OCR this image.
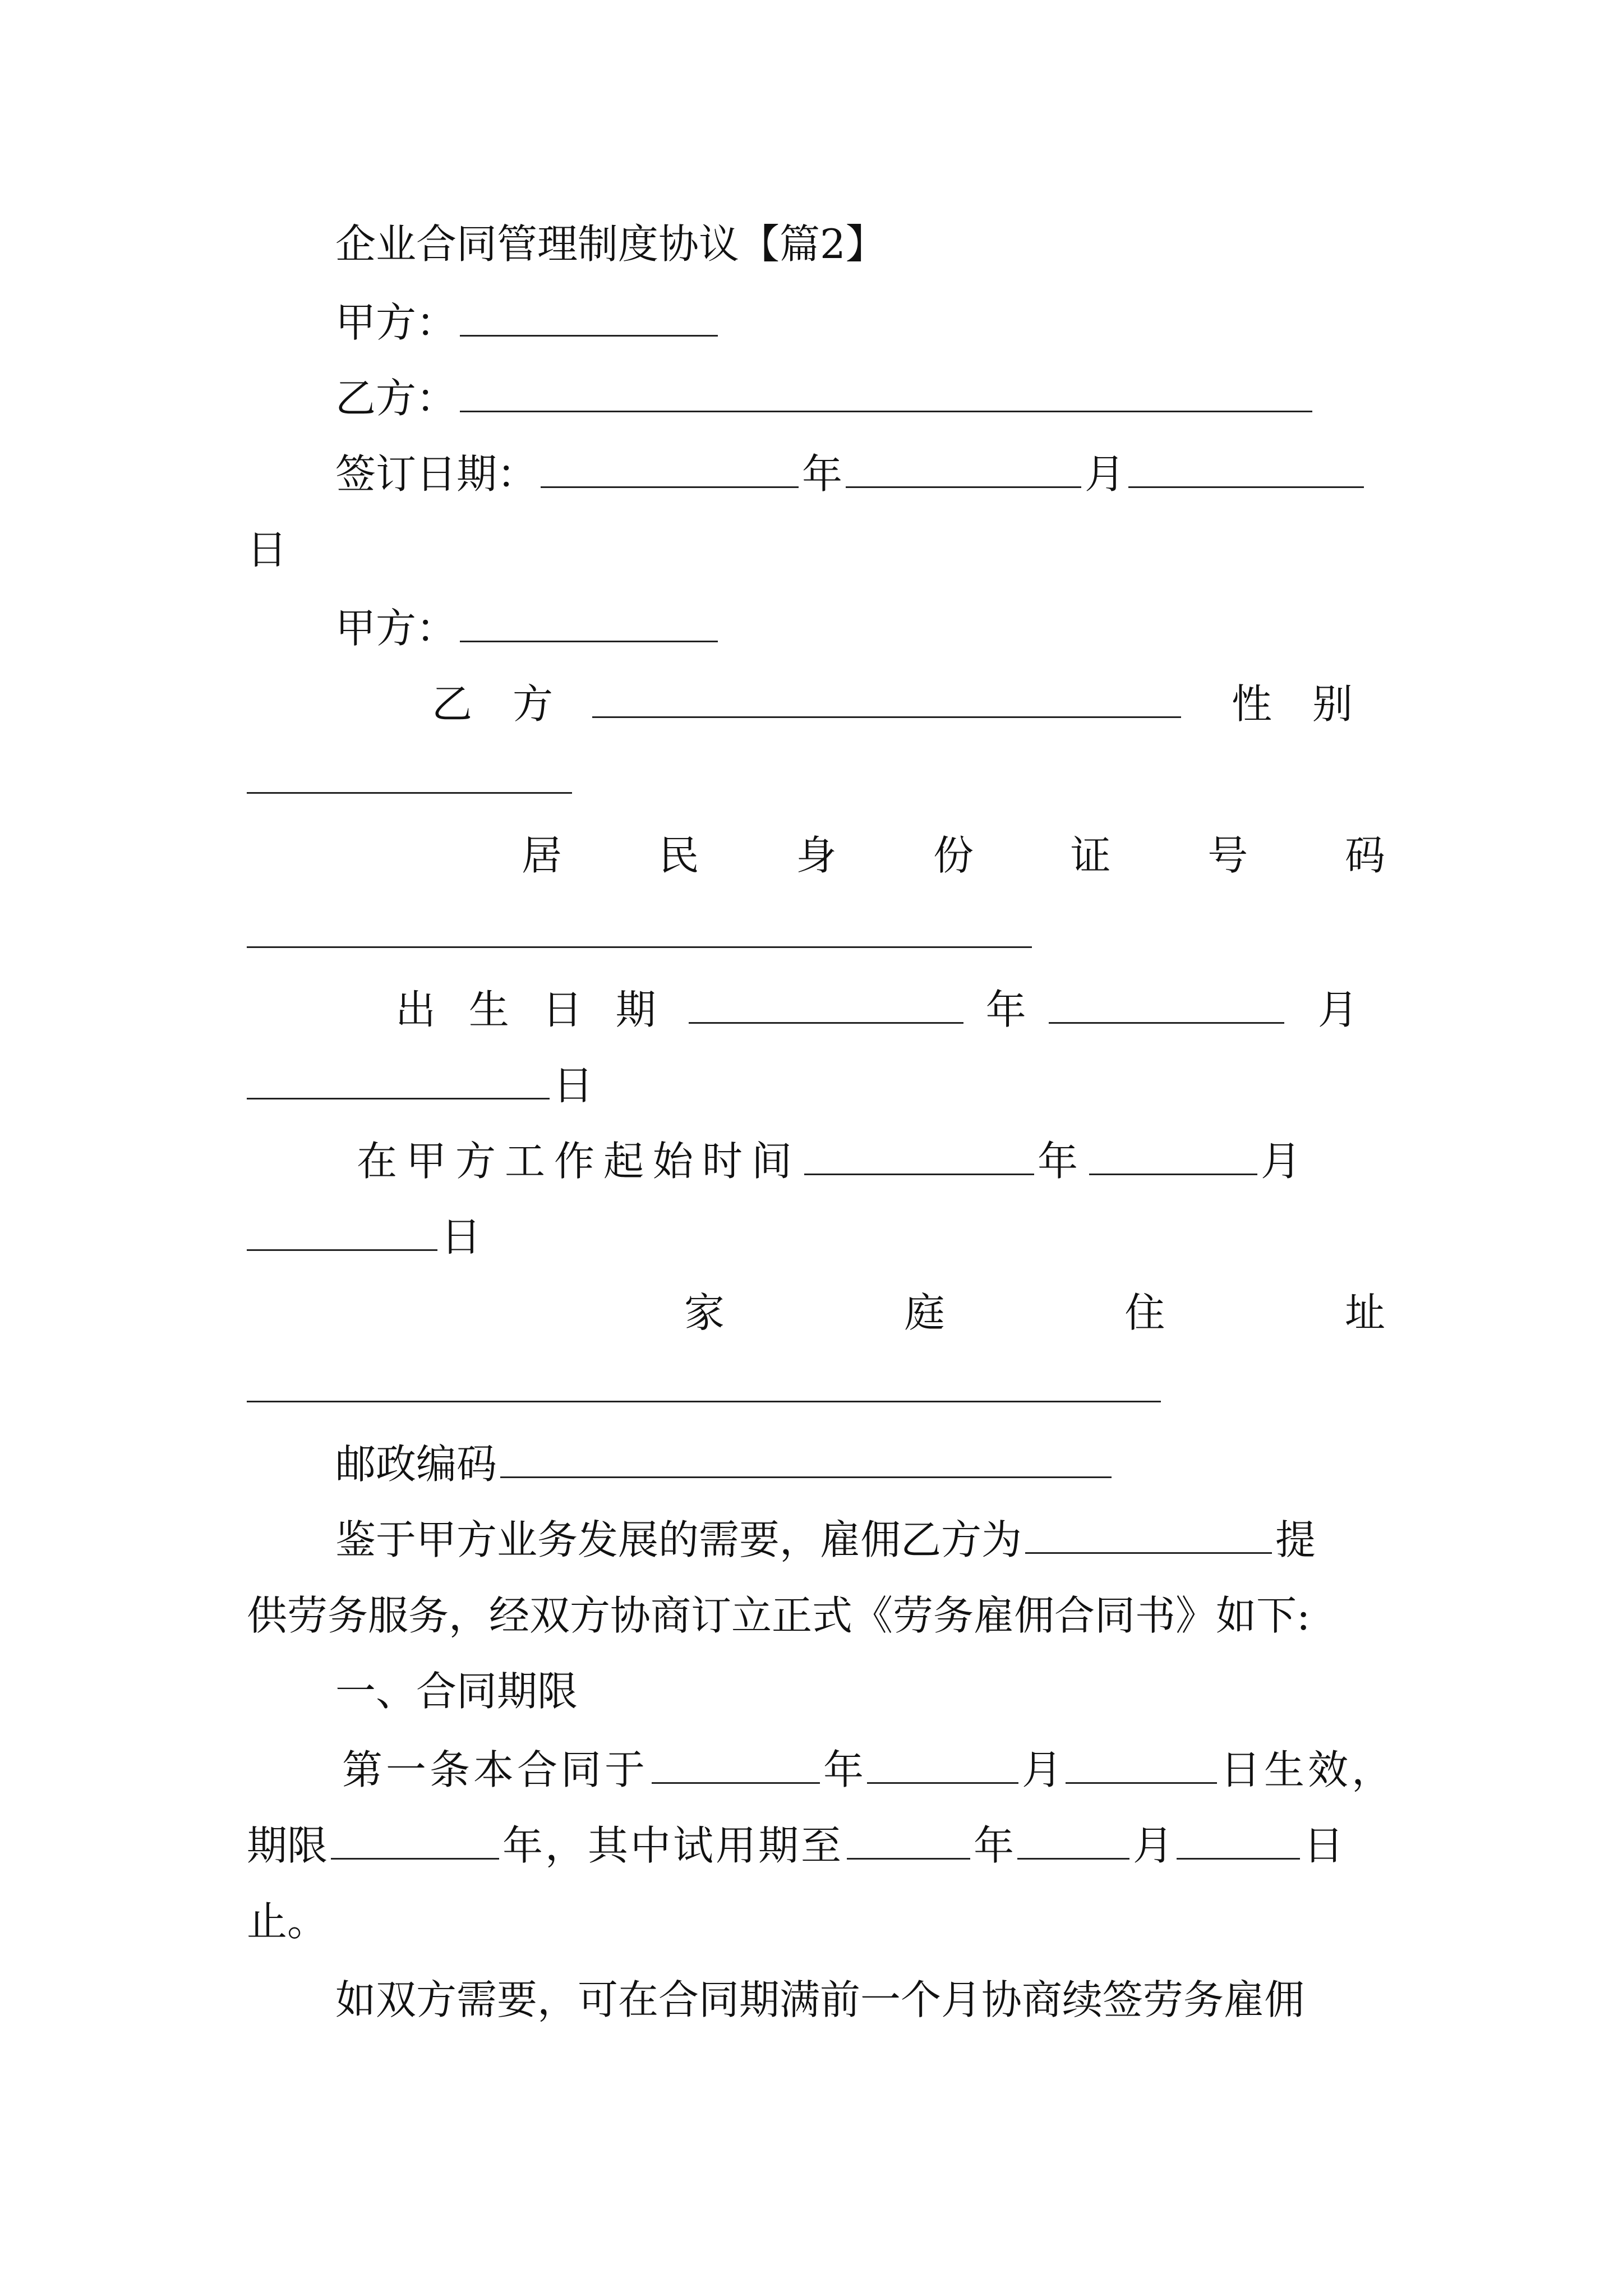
企业合同管理制度协议【篇2】
甲方：
乙方：
签订日期：	年	月
日
甲方：
乙　方	性　别
居 民 身 份 证 号 码
出 生 日 期	年	月
日
在甲方工作起始时间	年	月
日
家	庭	住	址
邮政编码
鉴于甲方业务发展的需要，雇佣乙方为	提
供劳务服务，经双方协商订立正式《劳务雇佣合同书》如下:
一、合同期限
第一条本合同于	年	月	日生效，
期限	年，其中试用期至	年	月	日
止。
如双方需要，可在合同期满前一个月协商续签劳务雇佣
